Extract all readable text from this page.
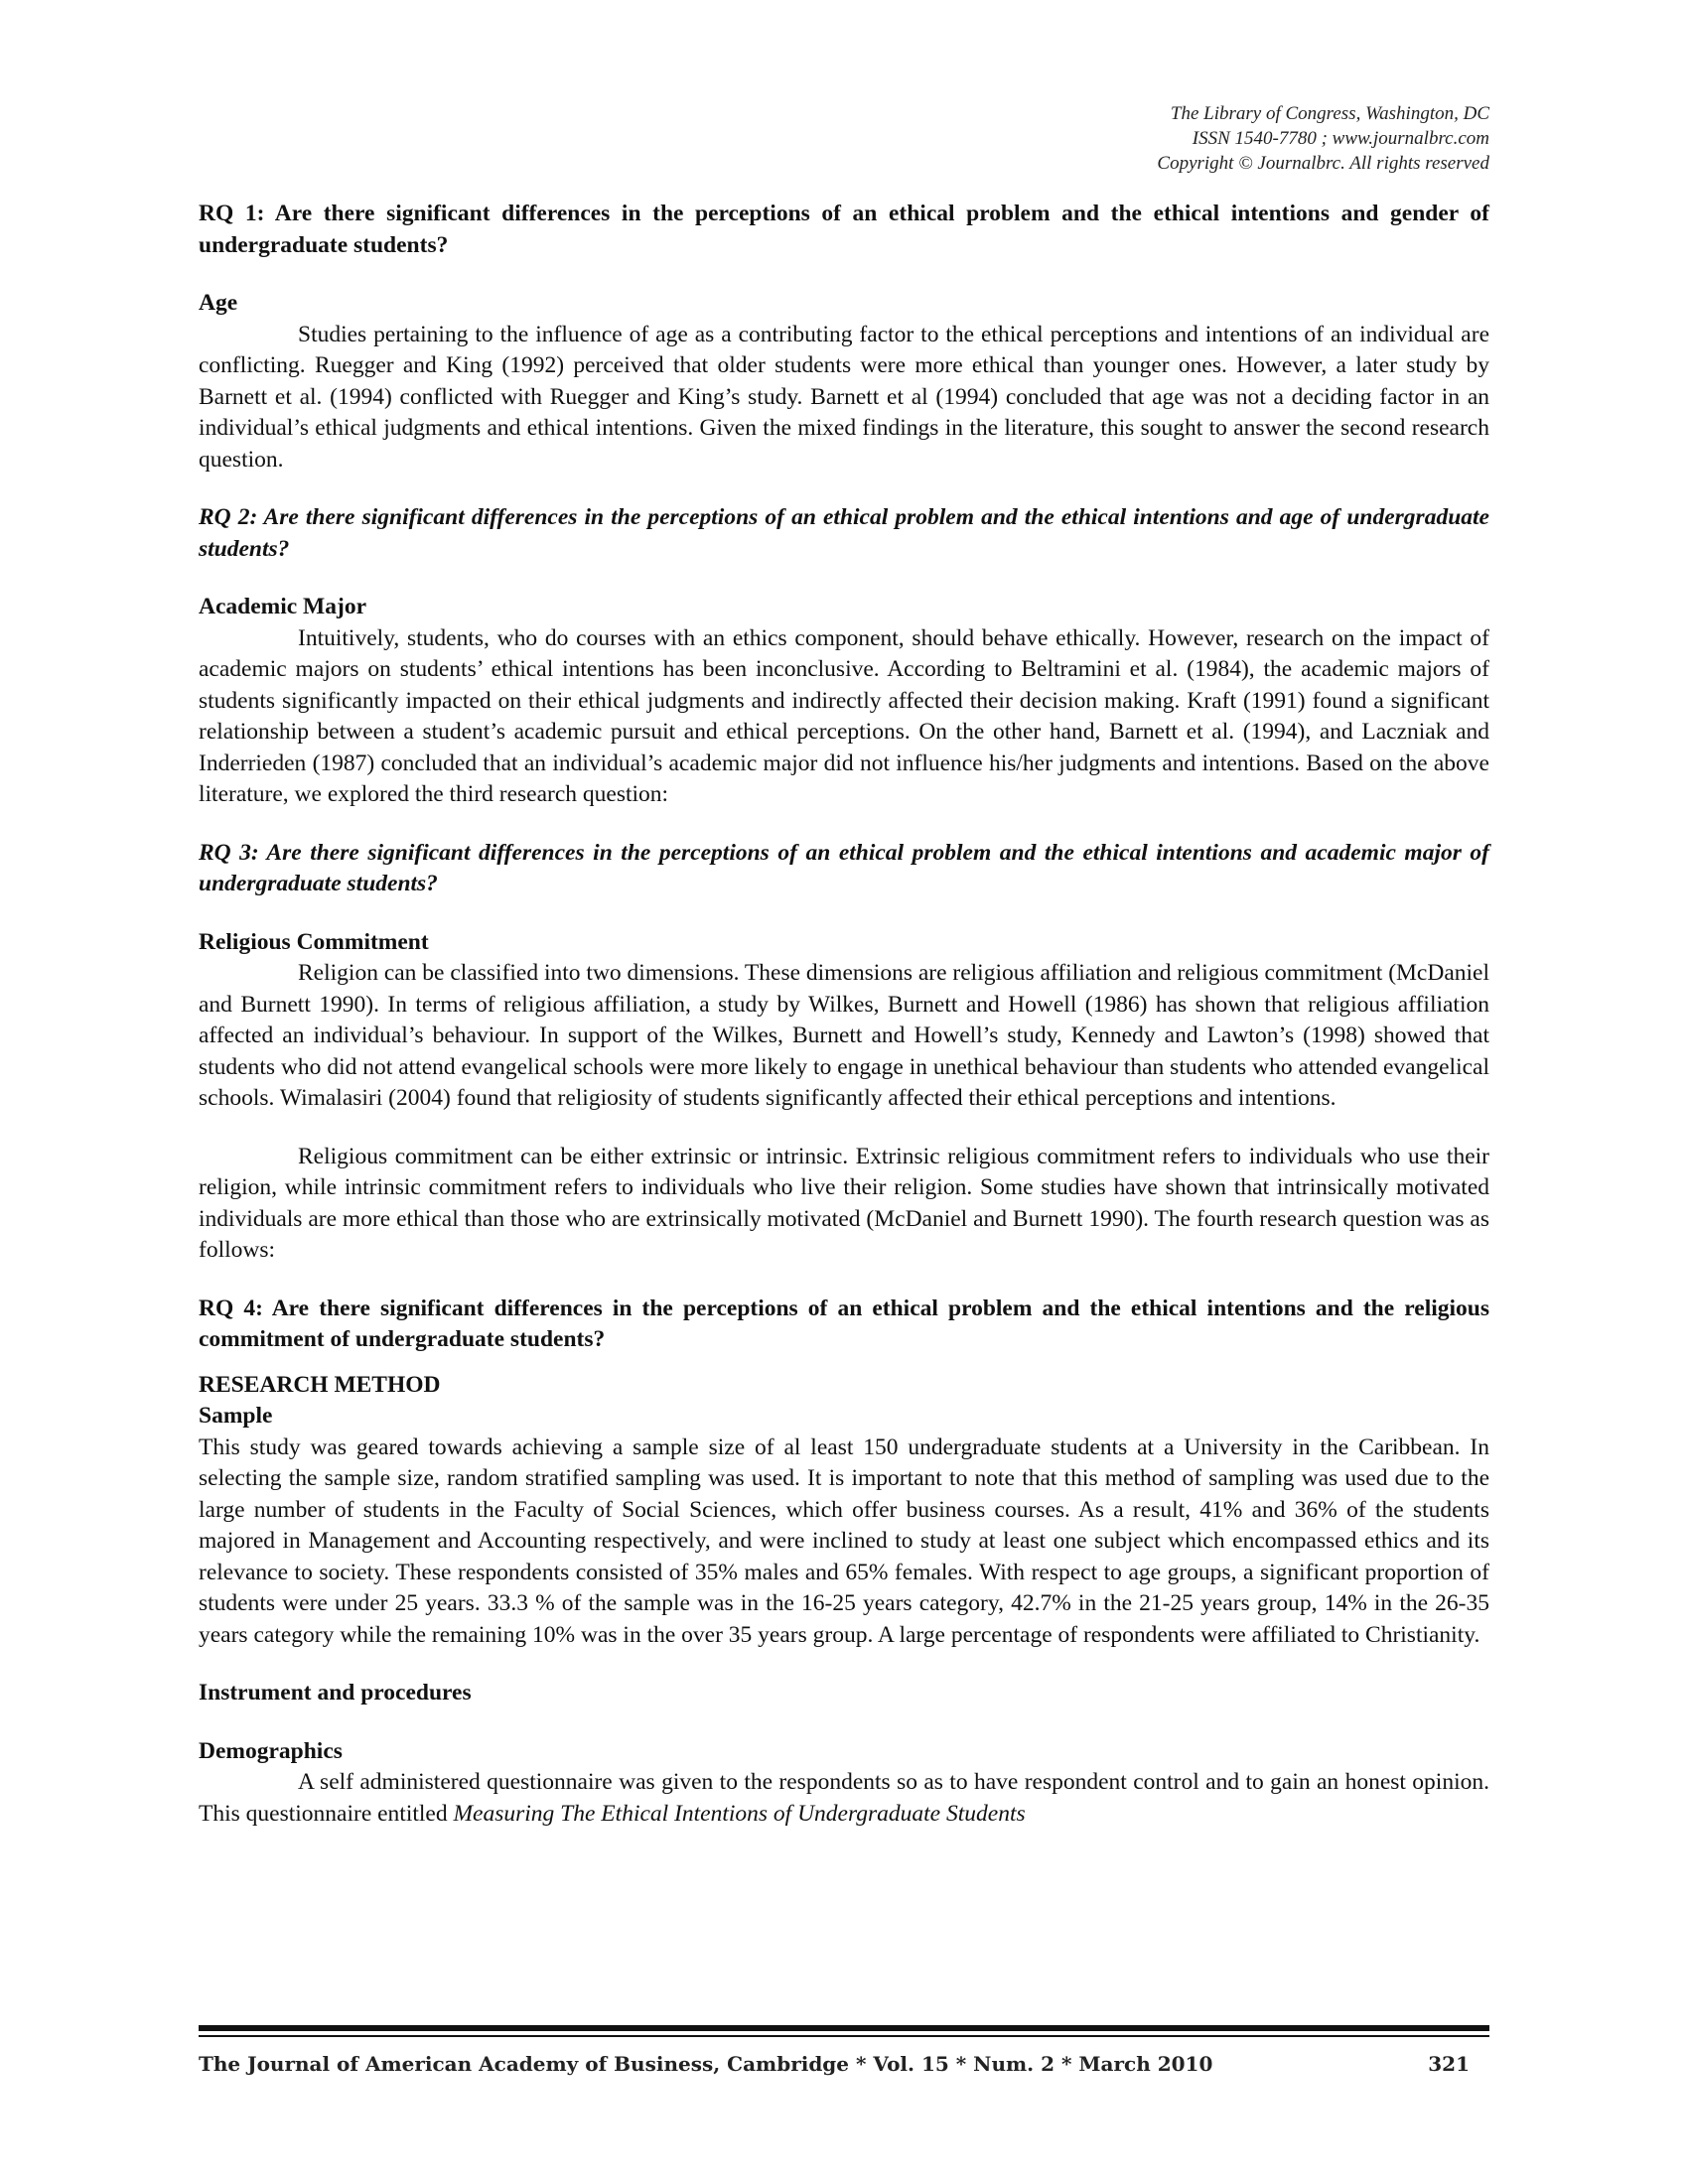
The Library of Congress, Washington, DC
ISSN 1540-7780 ; www.journalbrc.com
Copyright © Journalbrc. All rights reserved

RQ 1: Are there significant differences in the perceptions of an ethical problem and the ethical intentions and gender of undergraduate students?

Age

Studies pertaining to the influence of age as a contributing factor to the ethical perceptions and intentions of an individual are conflicting. Ruegger and King (1992) perceived that older students were more ethical than younger ones. However, a later study by Barnett et al. (1994) conflicted with Ruegger and King’s study. Barnett et al (1994) concluded that age was not a deciding factor in an individual’s ethical judgments and ethical intentions. Given the mixed findings in the literature, this sought to answer the second research question.

RQ 2: Are there significant differences in the perceptions of an ethical problem and the ethical intentions and age of undergraduate students?

Academic Major

Intuitively, students, who do courses with an ethics component, should behave ethically. However, research on the impact of academic majors on students’ ethical intentions has been inconclusive. According to Beltramini et al. (1984), the academic majors of students significantly impacted on their ethical judgments and indirectly affected their decision making. Kraft (1991) found a significant relationship between a student’s academic pursuit and ethical perceptions. On the other hand, Barnett et al. (1994), and Laczniak and Inderrieden (1987) concluded that an individual’s academic major did not influence his/her judgments and intentions. Based on the above literature, we explored the third research question:

RQ 3: Are there significant differences in the perceptions of an ethical problem and the ethical intentions and academic major of undergraduate students?

Religious Commitment

Religion can be classified into two dimensions. These dimensions are religious affiliation and religious commitment (McDaniel and Burnett 1990). In terms of religious affiliation, a study by Wilkes, Burnett and Howell (1986) has shown that religious affiliation affected an individual’s behaviour. In support of the Wilkes, Burnett and Howell’s study, Kennedy and Lawton’s (1998) showed that students who did not attend evangelical schools were more likely to engage in unethical behaviour than students who attended evangelical schools. Wimalasiri (2004) found that religiosity of students significantly affected their ethical perceptions and intentions.

Religious commitment can be either extrinsic or intrinsic. Extrinsic religious commitment refers to individuals who use their religion, while intrinsic commitment refers to individuals who live their religion. Some studies have shown that intrinsically motivated individuals are more ethical than those who are extrinsically motivated (McDaniel and Burnett 1990). The fourth research question was as follows:

RQ 4: Are there significant differences in the perceptions of an ethical problem and the ethical intentions and the religious commitment of undergraduate students?

RESEARCH METHOD

Sample

This study was geared towards achieving a sample size of al least 150 undergraduate students at a University in the Caribbean. In selecting the sample size, random stratified sampling was used. It is important to note that this method of sampling was used due to the large number of students in the Faculty of Social Sciences, which offer business courses. As a result, 41% and 36% of the students majored in Management and Accounting respectively, and were inclined to study at least one subject which encompassed ethics and its relevance to society. These respondents consisted of 35% males and 65% females. With respect to age groups, a significant proportion of students were under 25 years. 33.3 % of the sample was in the 16-25 years category, 42.7% in the 21-25 years group, 14% in the 26-35 years category while the remaining 10% was in the over 35 years group. A large percentage of respondents were affiliated to Christianity.

Instrument and procedures

Demographics

A self administered questionnaire was given to the respondents so as to have respondent control and to gain an honest opinion. This questionnaire entitled Measuring The Ethical Intentions of Undergraduate Students

The Journal of American Academy of Business, Cambridge * Vol. 15 * Num. 2 * March 2010	321
